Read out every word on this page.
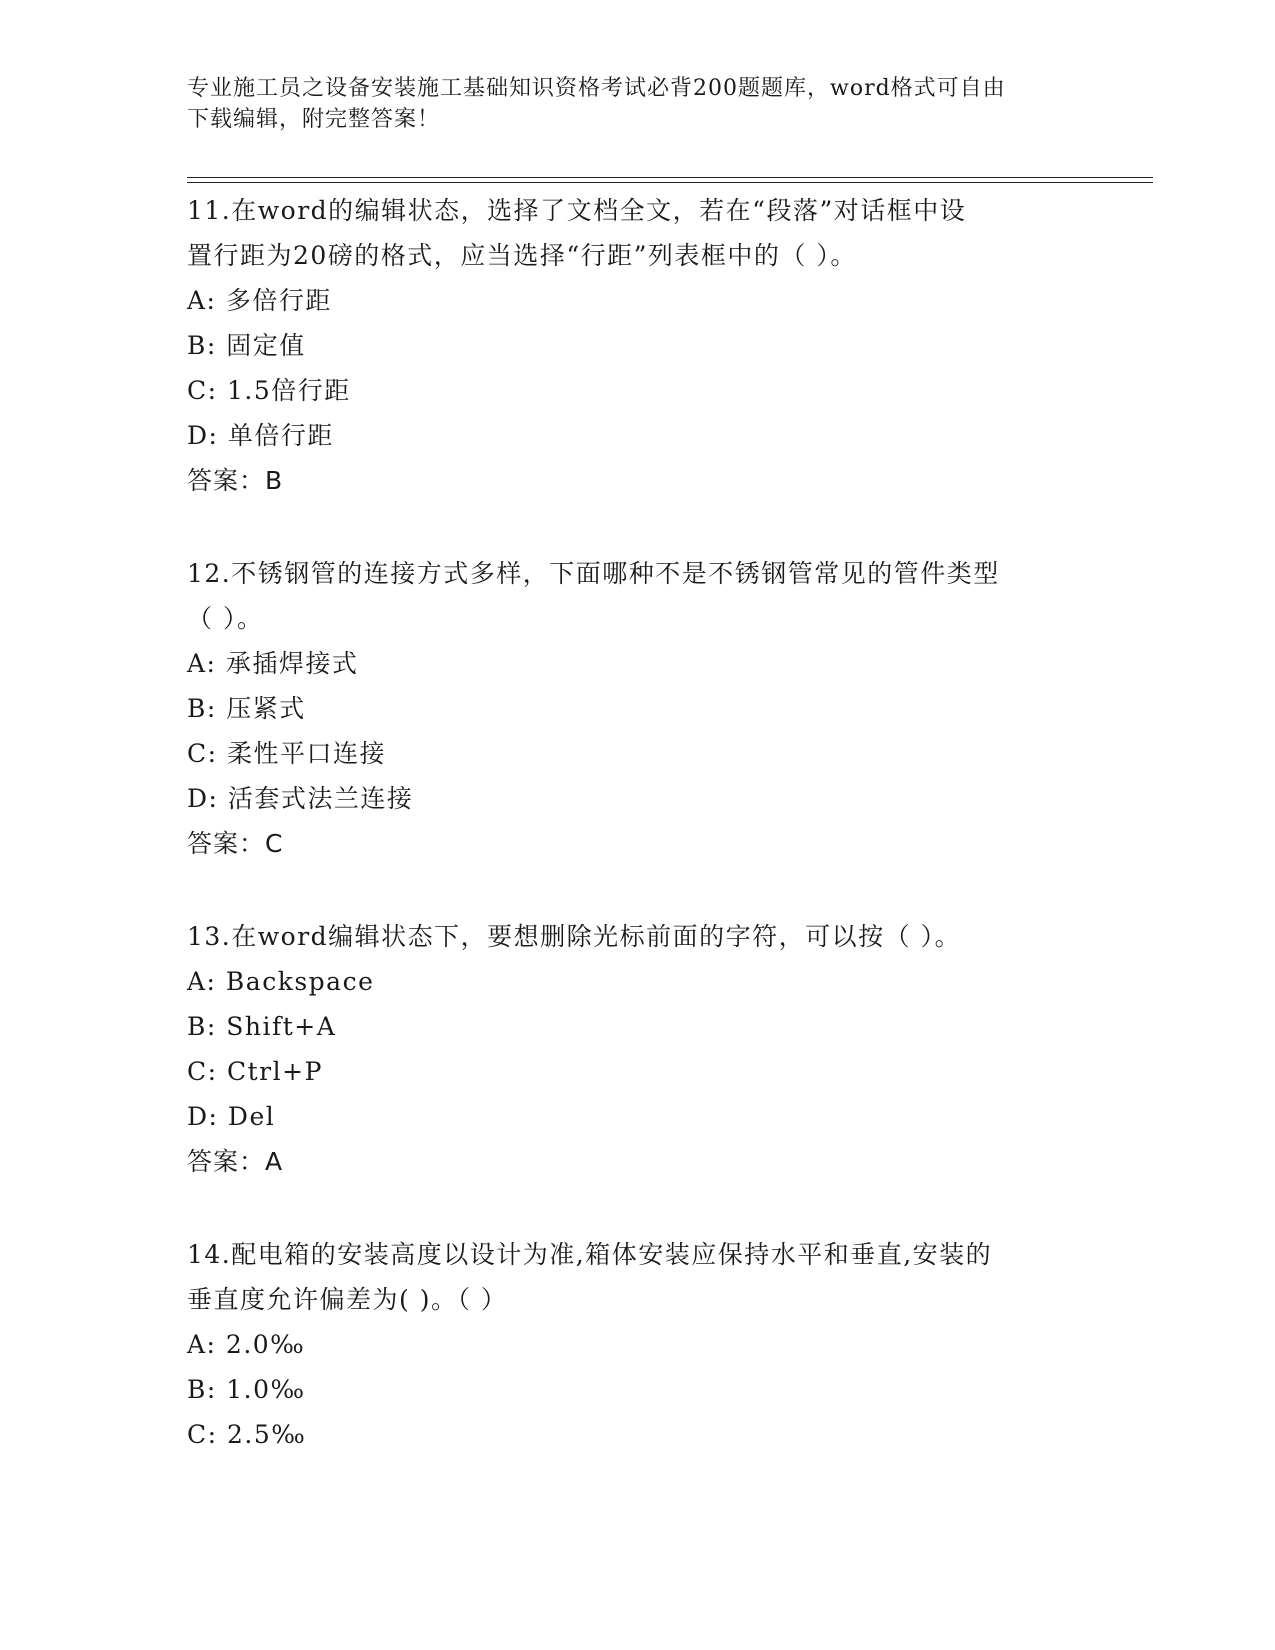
专业施工员之设备安装施工基础知识资格考试必背200题题库，word格式可自由
下载编辑，附完整答案！
11.在word的编辑状态，选择了文档全文，若在“段落”对话框中设
置行距为20磅的格式，应当选择“行距”列表框中的（ ）。
A: 多倍行距
B: 固定值
C: 1.5倍行距
D: 单倍行距
答案：B
12.不锈钢管的连接方式多样，下面哪种不是不锈钢管常见的管件类型
（ ）。
A: 承插焊接式
B: 压紧式
C: 柔性平口连接
D: 活套式法兰连接
答案：C
13.在word编辑状态下，要想删除光标前面的字符，可以按（ ）。
A: Backspace
B: Shift+A
C: Ctrl+P
D: Del
答案：A
14.配电箱的安装高度以设计为准,箱体安装应保持水平和垂直,安装的
垂直度允许偏差为( )。（ ）
A: 2.0‰
B: 1.0‰
C: 2.5‰
